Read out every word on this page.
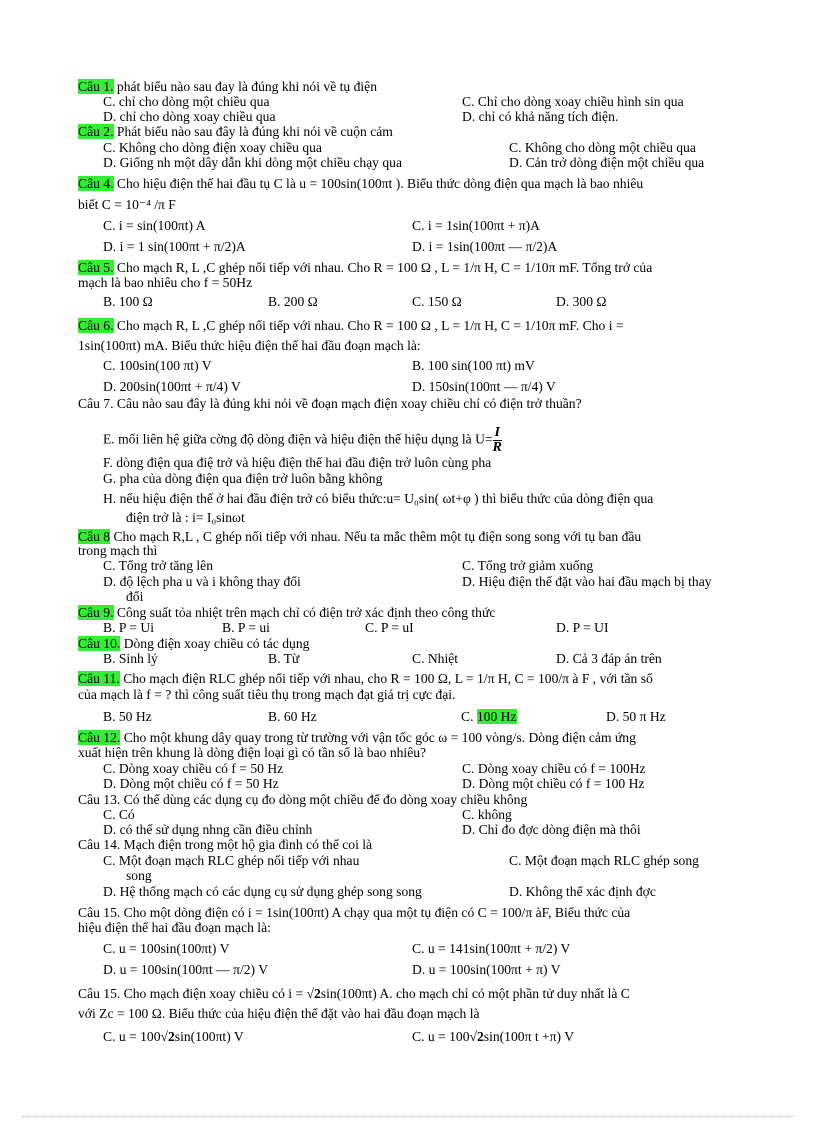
Câu 1. phát biểu nào sau đay là đúng khi nói về tụ điện
C. chỉ cho dòng một chiều qua	C. Chỉ cho dòng xoay chiều hình sin qua
D. chỉ cho dòng xoay chiều qua	D. chỉ có khả năng tích điện.
Câu 2. Phát biểu nào sau đây là đúng khi nói về cuộn cảm
C. Không cho dòng điện xoay chiều qua	C. Không cho dòng một chiều qua
D. Giống nh một dây dẫn khi dòng một chiều chạy qua	D. Cản trở dòng điện một chiều qua
Câu 4. Cho hiệu điện thế hai đầu tụ C là u = 100sin(100πt ). Biểu thức dòng điện qua mạch là bao nhiêu
biết C = 10⁻⁴ /π F
C. i = sin(100πt) A	C. i = 1sin(100πt + π)A
D. i = 1 sin(100πt + π/2)A	D. i = 1sin(100πt — π/2)A
Câu 5. Cho mạch R, L ,C ghép nối tiếp với nhau. Cho R = 100 Ω , L = 1/π H, C = 1/10π mF. Tổng trở của
mạch là bao nhiêu cho f = 50Hz
B. 100 Ω	B. 200 Ω	C. 150 Ω	D. 300 Ω
Câu 6. Cho mạch R, L ,C ghép nối tiếp với nhau. Cho R = 100 Ω , L = 1/π H, C = 1/10π mF. Cho i =
1sin(100πt) mA. Biểu thức hiệu điện thế hai đầu đoạn mạch là:
C. 100sin(100 πt) V	B. 100 sin(100 πt) mV
D. 200sin(100πt + π/4) V	D. 150sin(100πt — π/4) V
Câu 7. Câu nào sau đây là đúng khi nói về đoạn mạch điện xoay chiều chỉ có điện trở thuần?
E. mối liên hệ giữa cờng độ dòng điện và hiệu điện thế hiệu dụng là $U= \frac{I}{R}$
F. dòng điện qua điệ trở và hiệu điện thế hai đầu điện trở luôn cùng pha
G. pha của dòng điện qua điện trở luôn bằng không
H. nếu hiệu điện thế ở hai đầu điện trở có biểu thức:u= U₀sin( ωt+φ ) thì biểu thức của dòng điện qua
điện trở là : i= I₀sinωt
Câu 8 Cho mạch R,L , C ghép nối tiếp với nhau. Nếu ta mắc thêm một tụ điện song song với tụ ban đầu
trong mạch thì
C. Tổng trở tăng lên	C. Tổng trở giảm xuống
D. độ lệch pha u và i không thay đổi	D. Hiệu điện thế đặt vào hai đầu mạch bị thay
đổi
Câu 9. Công suất tỏa nhiệt trên mạch chỉ có điện trở xác định theo công thức
B. P = Ui	B. P = ui	C. P = uI	D. P = UI
Câu 10. Dòng điện xoay chiều có tác dụng
B. Sinh lý	B. Từ	C. Nhiệt	D. Cả 3 đáp án trên
Câu 11. Cho mạch điện RLC ghép nối tiếp với nhau, cho R = 100 Ω, L = 1/π H, C = 100/π à F , với tần số
của mạch là f = ? thì công suất tiêu thụ trong mạch đạt giá trị cực đại.
B. 50 Hz	B. 60 Hz	C. 100 Hz	D. 50 π Hz
Câu 12. Cho một khung dây quay trong từ trường với vận tốc góc ω = 100 vòng/s. Dòng điện cảm ứng
xuất hiện trên khung là dòng điện loại gì có tần số là bao nhiêu?
C. Dòng xoay chiều có f = 50 Hz	C. Dòng xoay chiều có f = 100Hz
D. Dòng một chiều có f = 50 Hz	D. Dòng một chiều có f = 100 Hz
Câu 13. Có thể dùng các dụng cụ đo dòng một chiều để đo dòng xoay chiều không
C. Có	C. không
D. có thể sử dụng nhng cần điều chỉnh	D. Chỉ đo đợc dòng điện mà thôi
Câu 14. Mạch điện trong một hộ gia đình có thể coi là
C. Một đoạn mạch RLC ghép nối tiếp với nhau	C. Một đoạn mạch RLC ghép song
song
D. Hệ thống mạch có các dụng cụ sử dụng ghép song song	D. Không thể xác định đợc
Câu 15. Cho một dòng điện có i = 1sin(100πt) A chạy qua một tụ điện có C = 100/π àF, Biểu thức của
hiệu điện thế hai đầu đoạn mạch là:
C. u = 100sin(100πt) V	C. u = 141sin(100πt + π/2) V
D. u = 100sin(100πt — π/2) V	D. u = 100sin(100πt + π) V
Câu 15. Cho mạch điện xoay chiều có i = √2sin(100πt) A. cho mạch chỉ có một phần tử duy nhất là C
với Zc = 100 Ω. Biểu thức của hiệu điện thế đặt vào hai đầu đoạn mạch là
C. u = 100√2sin(100πt) V	C. u = 100√2sin(100π t +π) V
